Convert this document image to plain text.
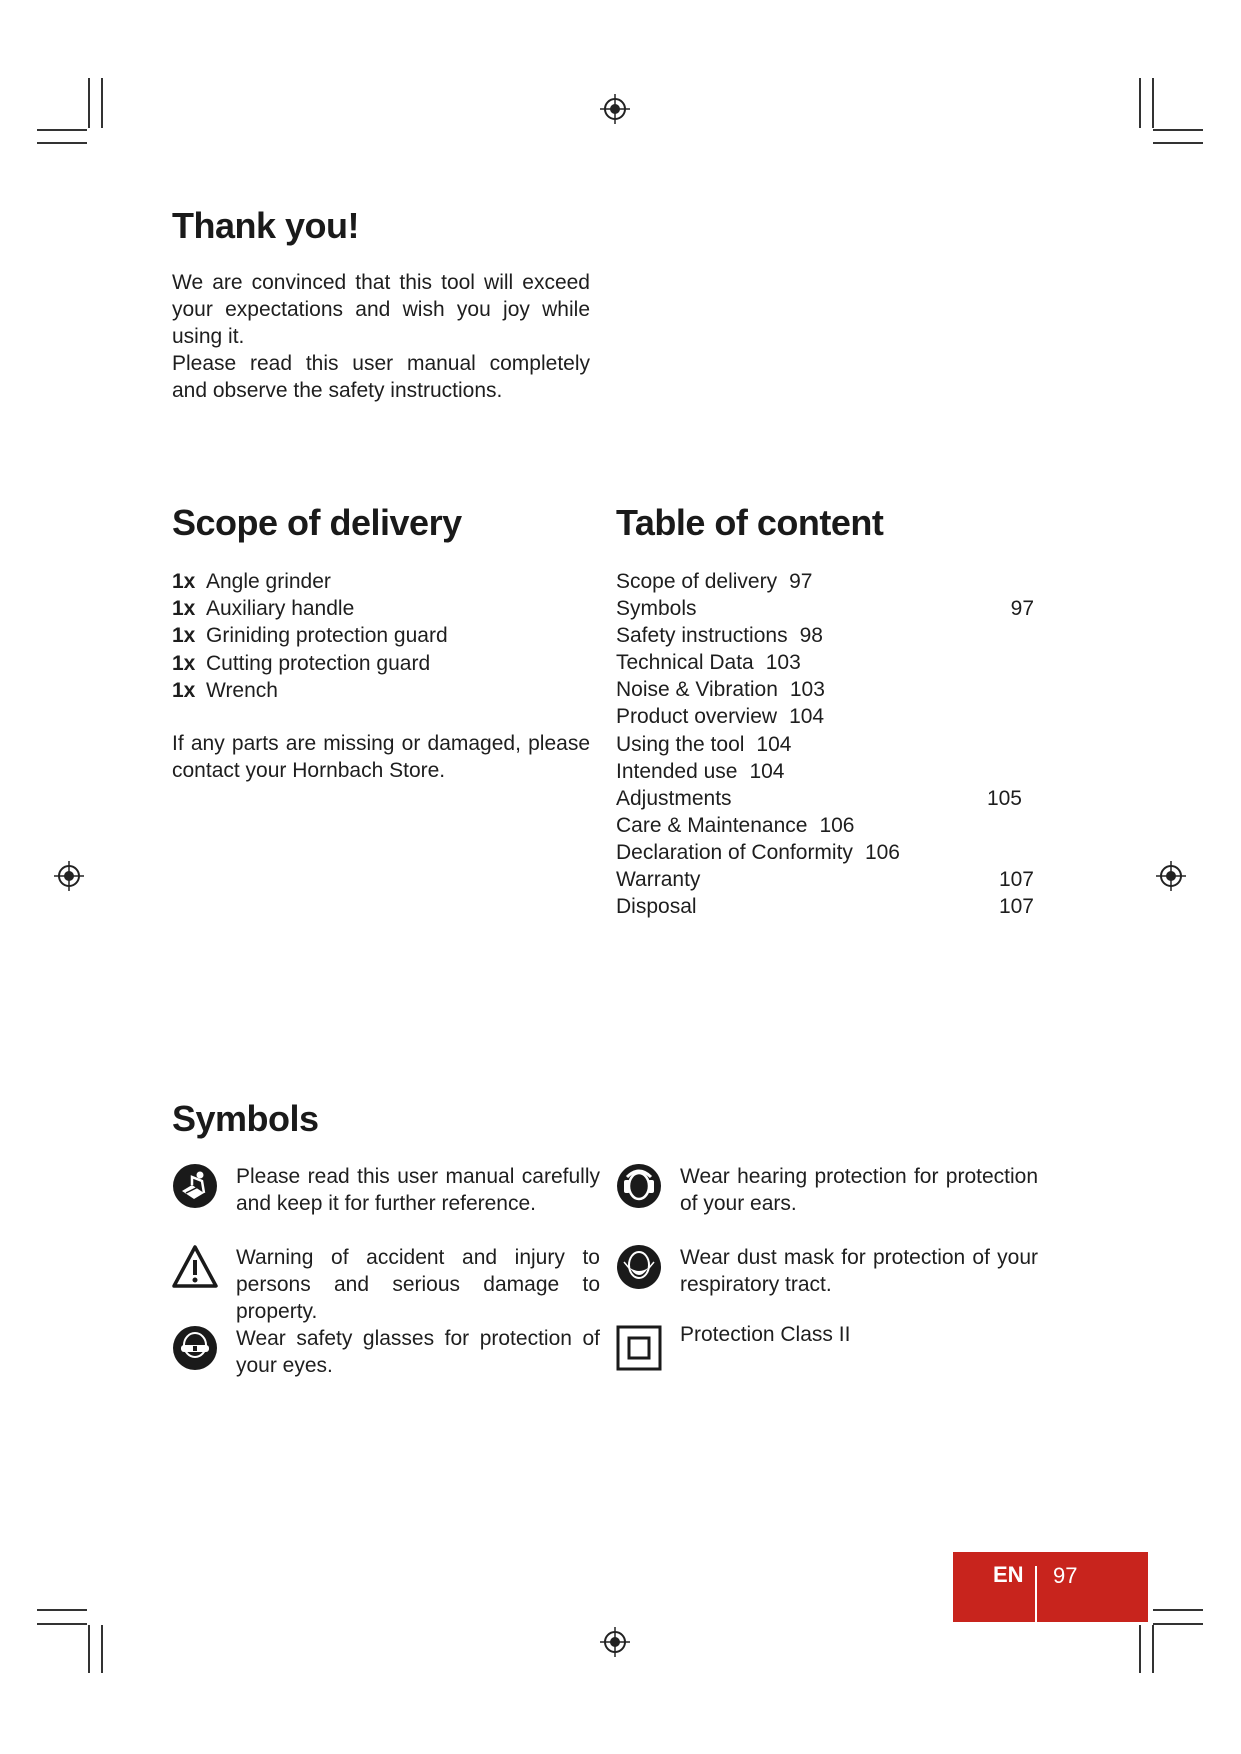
Thank you!

We are convinced that this tool will exceed your expectations and wish you joy while using it.

Please read this user manual completely and observe the safety instructions.

Scope of delivery
1x Angle grinder
1x Auxiliary handle
1x Griniding protection guard
1x Cutting protection guard
1x Wrench

If any parts are missing or damaged, please contact your Hornbach Store.

Table of content
Scope of delivery 97
Symbols	97
Safety instructions 98
Technical Data 103
Noise & Vibration 103
Product overview 104
Using the tool 104
Intended use 104
Adjustments	105
Care & Maintenance 106
Declaration of Conformity 106
Warranty	107
Disposal	107
Symbols
Please read this user manual carefully and keep it for further reference.
Warning of accident and injury to persons and serious damage to property.
Wear safety glasses for protection of your eyes.
Wear hearing protection for protection of your ears.
Wear dust mask for protection of your respiratory tract.
Protection Class II
EN 97
